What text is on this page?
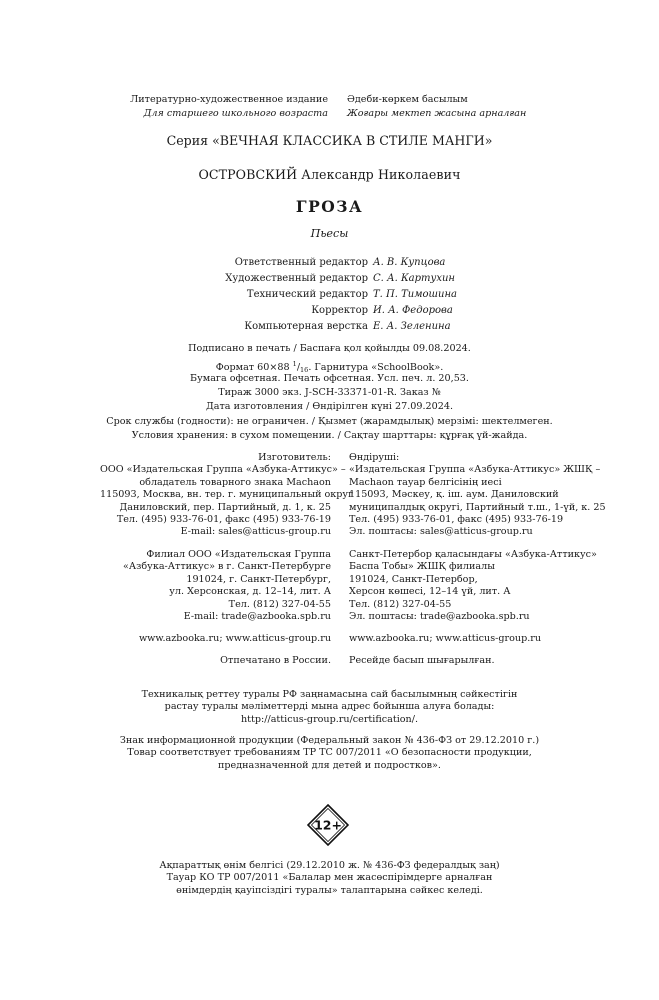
Литературно-художественное издание Әдеби-көркем басылым
Для старшего школьного возраста Жоғары мектеп жасына арналған
Серия «ВЕЧНАЯ КЛАССИКА В СТИЛЕ МАНГИ»
ОСТРОВСКИЙ Александр Николаевич
ГРОЗА
Пьесы
Ответственный редактор А. В. Купцова
Художественный редактор С. А. Картухин
Технический редактор Т. П. Тимошина
Корректор И. А. Федорова
Компьютерная верстка Е. А. Зеленина
Подписано в печать / Баспаға қол қойылды 09.08.2024.
Формат 60×88 $^1/_{16}$. Гарнитура «SchoolBook».
Бумага офсетная. Печать офсетная. Усл. печ. л. 20,53.
Тираж 3000 экз. J-SCH-33371-01-R. Заказ №
Дата изготовления / Өндірілген күні 27.09.2024.
Срок службы (годности): не ограничен. / Қызмет (жарамдылық) мерзімі: шектелмеген.
Условия хранения: в сухом помещении. / Сақтау шарттары: құрғақ үй-жайда.
Изготовитель:
ООО «Издательская Группа «Азбука-Аттикус» –
обладатель товарного знака Machaon
115093, Москва, вн. тер. г. муниципальный округ
Даниловский, пер. Партийный, д. 1, к. 25
Тел. (495) 933-76-01, факс (495) 933-76-19
E-mail: sales@atticus-group.ru
Өндіруші:
«Издательская Группа «Азбука-Аттикус» ЖШҚ –
Machaon тауар белгісінің иесі
115093, Мәскеу, қ. іш. аум. Даниловский
муниципалдық округі, Партийный т.ш., 1-үй, к. 25
Тел. (495) 933-76-01, факс (495) 933-76-19
Эл. поштасы: sales@atticus-group.ru
Филиал ООО «Издательская Группа
«Азбука-Аттикус» в г. Санкт-Петербурге
191024, г. Санкт-Петербург,
ул. Херсонская, д. 12–14, лит. А
Тел. (812) 327-04-55
E-mail: trade@azbooka.spb.ru
Санкт-Петербор қаласындағы «Азбука-Аттикус»
Баспа Тобы» ЖШҚ филиалы
191024, Санкт-Петербор,
Херсон көшесі, 12–14 үй, лит. А
Тел. (812) 327-04-55
Эл. поштасы: trade@azbooka.spb.ru
www.azbooka.ru; www.atticus-group.ru www.azbooka.ru; www.atticus-group.ru
Отпечатано в России. Ресейде басып шығарылған.
Техникалық реттеу туралы РФ заңнамасына сай басылымның сәйкестігін
растау туралы мәліметтерді мына адрес бойынша алуға болады:
http://atticus-group.ru/certification/.
Знак информационной продукции (Федеральный закон № 436-ФЗ от 29.12.2010 г.)
Товар соответствует требованиям ТР ТС 007/2011 «О безопасности продукции,
предназначенной для детей и подростков».
12+
Ақпараттық өнім белгісі (29.12.2010 ж. № 436-ФЗ федералдық заң)
Тауар КО ТР 007/2011 «Балалар мен жасөспірімдерге арналған
өнімдердің қауіпсіздігі туралы» талаптарына сәйкес келеді.
